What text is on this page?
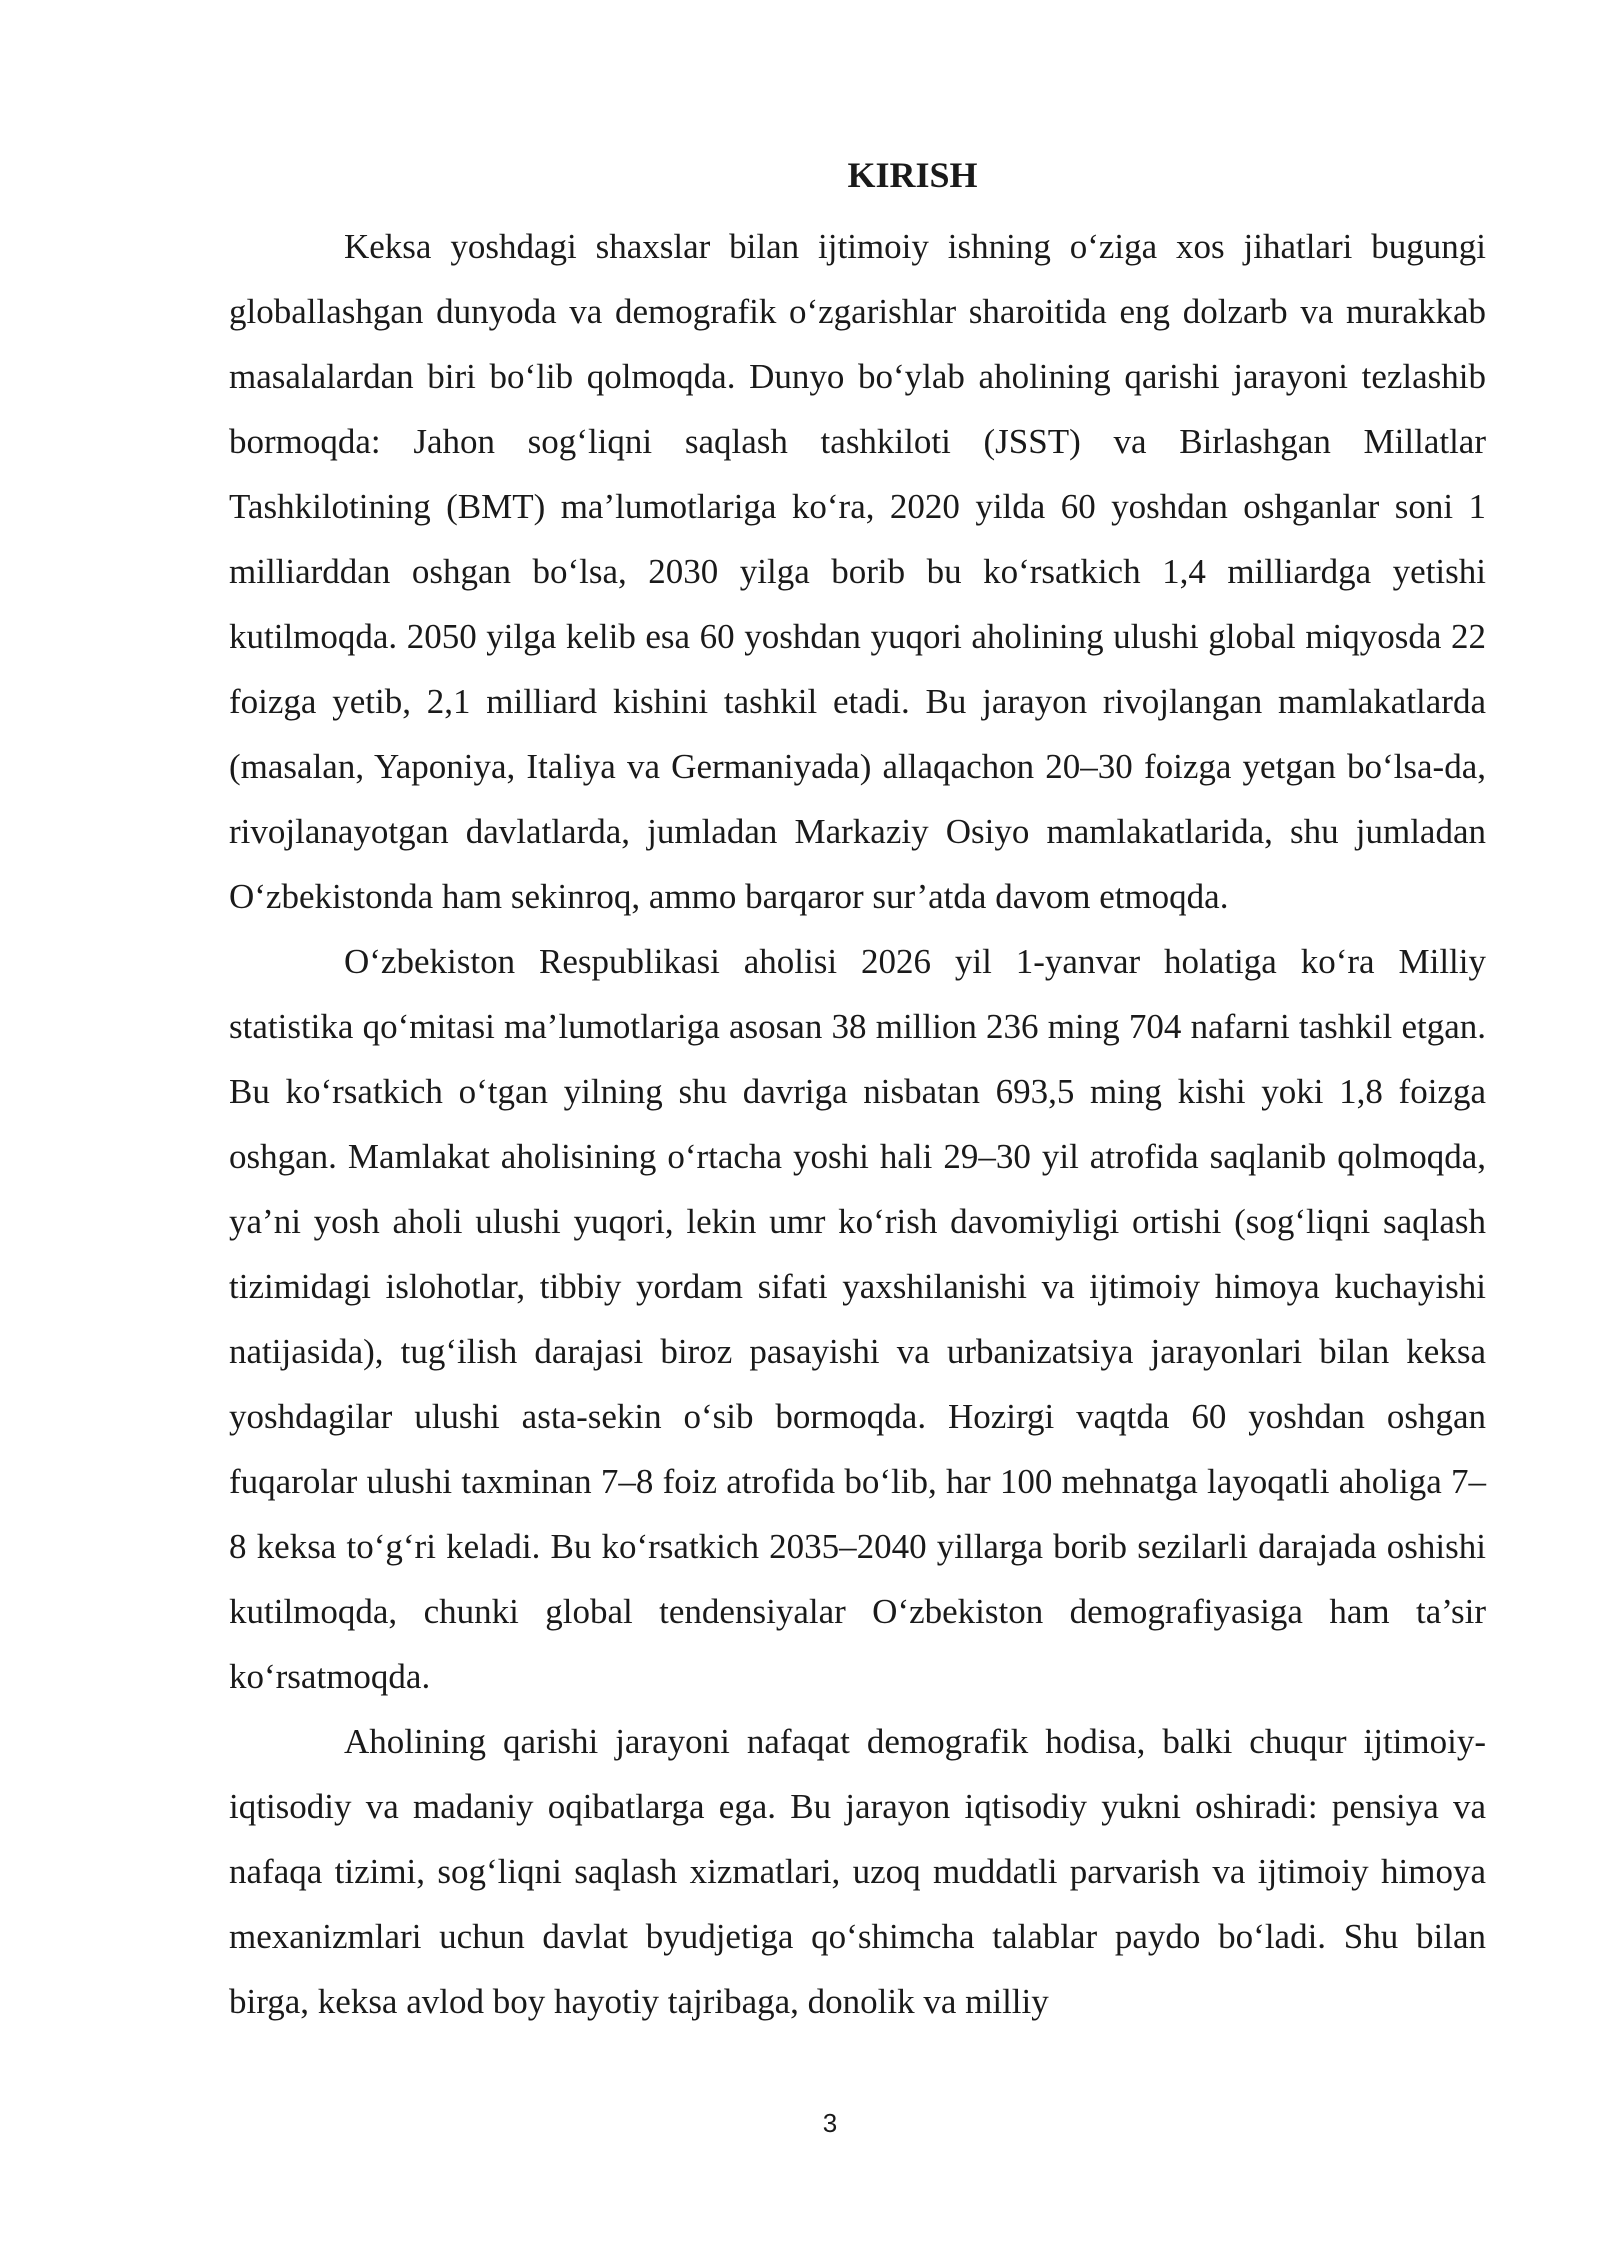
KIRISH

Keksa yoshdagi shaxslar bilan ijtimoiy ishning o‘ziga xos jihatlari bugungi globallashgan dunyoda va demografik o‘zgarishlar sharoitida eng dolzarb va murakkab masalalardan biri bo‘lib qolmoqda. Dunyo bo‘ylab aholining qarishi jarayoni tezlashib bormoqda: Jahon sog‘liqni saqlash tashkiloti (JSST) va Birlashgan Millatlar Tashkilotining (BMT) ma’lumotlariga ko‘ra, 2020 yilda 60 yoshdan oshganlar soni 1 milliarddan oshgan bo‘lsa, 2030 yilga borib bu ko‘rsatkich 1,4 milliardga yetishi kutilmoqda. 2050 yilga kelib esa 60 yoshdan yuqori aholining ulushi global miqyosda 22 foizga yetib, 2,1 milliard kishini tashkil etadi. Bu jarayon rivojlangan mamlakatlarda (masalan, Yaponiya, Italiya va Germaniyada) allaqachon 20–30 foizga yetgan bo‘lsa-da, rivojlanayotgan davlatlarda, jumladan Markaziy Osiyo mamlakatlarida, shu jumladan O‘zbekistonda ham sekinroq, ammo barqaror sur’atda davom etmoqda.

O‘zbekiston Respublikasi aholisi 2026 yil 1-yanvar holatiga ko‘ra Milliy statistika qo‘mitasi ma’lumotlariga asosan 38 million 236 ming 704 nafarni tashkil etgan. Bu ko‘rsatkich o‘tgan yilning shu davriga nisbatan 693,5 ming kishi yoki 1,8 foizga oshgan. Mamlakat aholisining o‘rtacha yoshi hali 29–30 yil atrofida saqlanib qolmoqda, ya’ni yosh aholi ulushi yuqori, lekin umr ko‘rish davomiyligi ortishi (sog‘liqni saqlash tizimidagi islohotlar, tibbiy yordam sifati yaxshilanishi va ijtimoiy himoya kuchayishi natijasida), tug‘ilish darajasi biroz pasayishi va urbanizatsiya jarayonlari bilan keksa yoshdagilar ulushi asta-sekin o‘sib bormoqda. Hozirgi vaqtda 60 yoshdan oshgan fuqarolar ulushi taxminan 7–8 foiz atrofida bo‘lib, har 100 mehnatga layoqatli aholiga 7–8 keksa to‘g‘ri keladi. Bu ko‘rsatkich 2035–2040 yillarga borib sezilarli darajada oshishi kutilmoqda, chunki global tendensiyalar O‘zbekiston demografiyasiga ham ta’sir ko‘rsatmoqda.

Aholining qarishi jarayoni nafaqat demografik hodisa, balki chuqur ijtimoiy-iqtisodiy va madaniy oqibatlarga ega. Bu jarayon iqtisodiy yukni oshiradi: pensiya va nafaqa tizimi, sog‘liqni saqlash xizmatlari, uzoq muddatli parvarish va ijtimoiy himoya mexanizmlari uchun davlat byudjetiga qo‘shimcha talablar paydo bo‘ladi. Shu bilan birga, keksa avlod boy hayotiy tajribaga, donolik va milliy

3
